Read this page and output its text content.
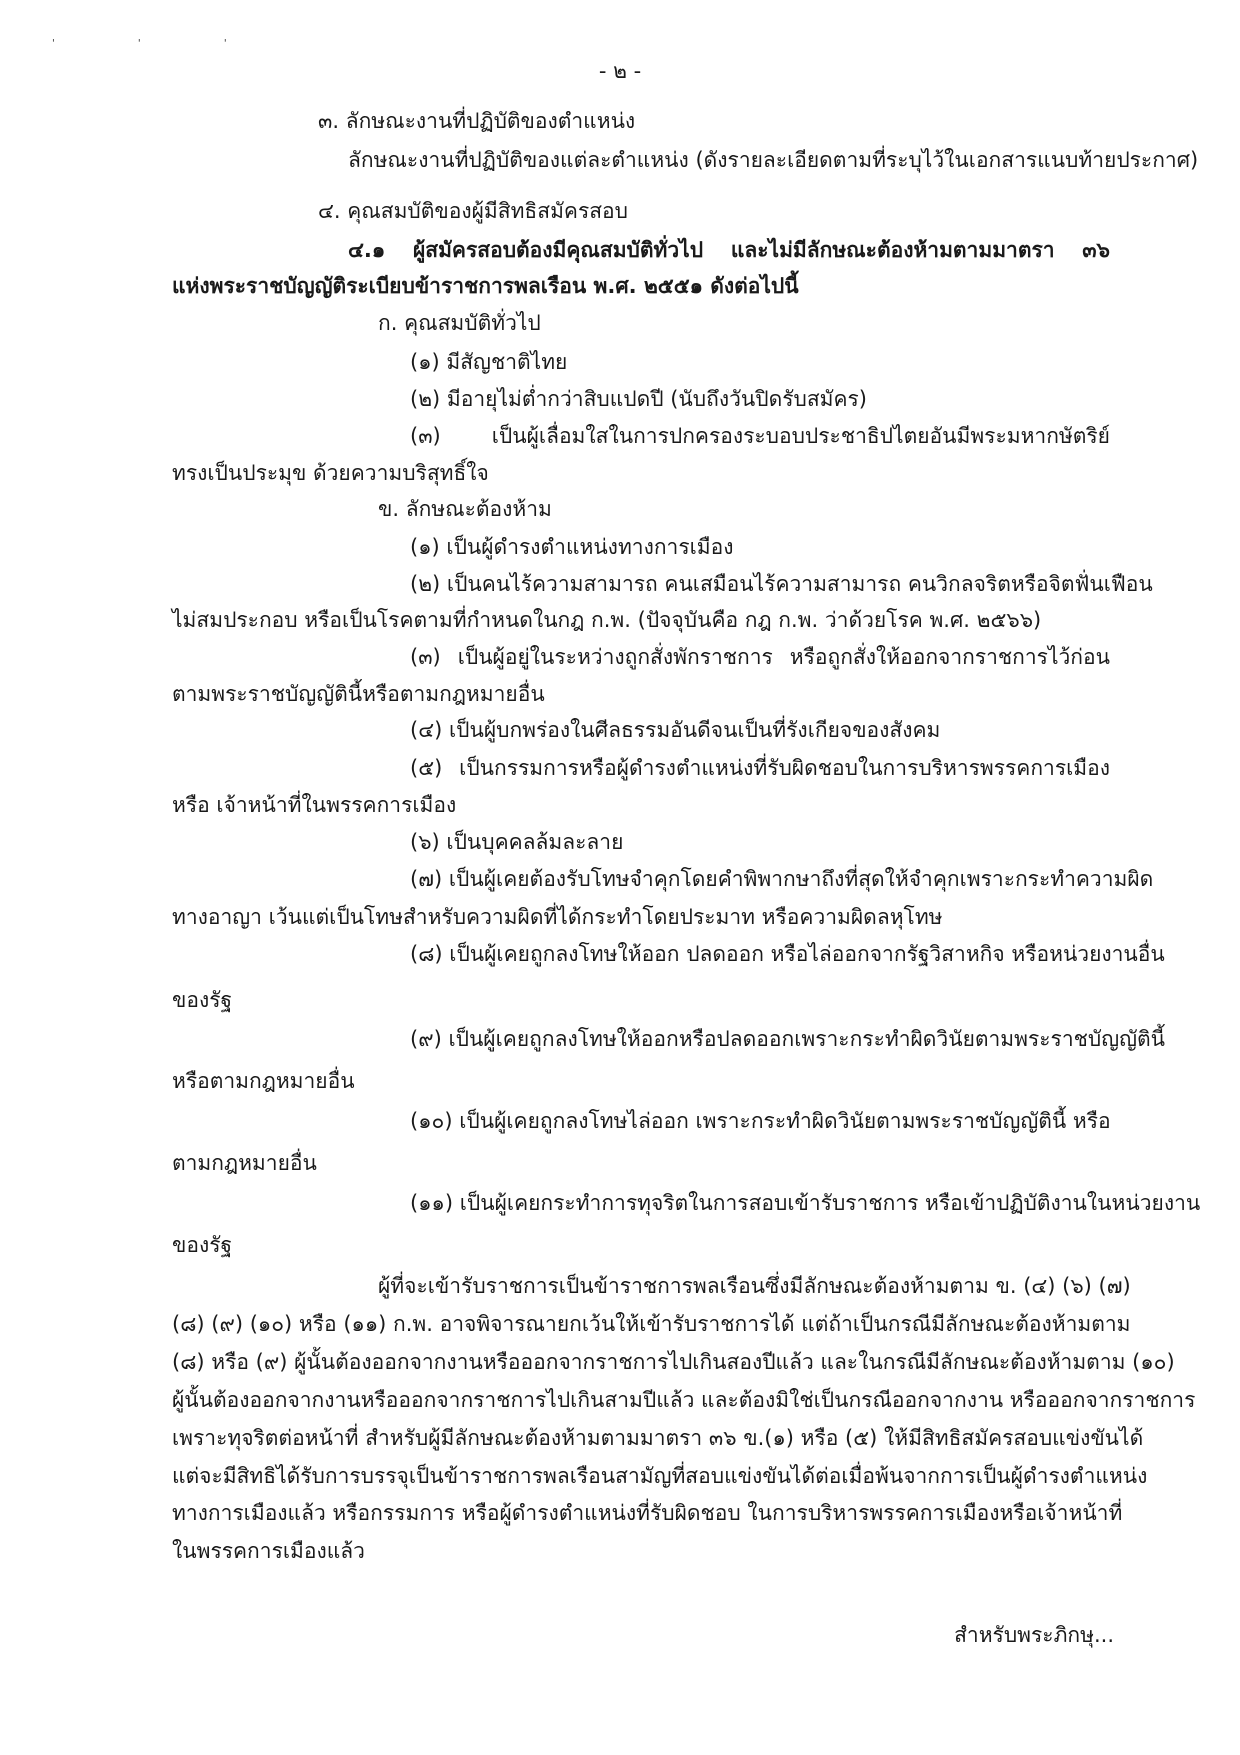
' ' '
- ๒ -
๓. ลักษณะงานที่ปฏิบัติของตำแหน่ง
ลักษณะงานที่ปฏิบัติของแต่ละตำแหน่ง (ดังรายละเอียดตามที่ระบุไว้ในเอกสารแนบท้ายประกาศ)
๔. คุณสมบัติของผู้มีสิทธิสมัครสอบ
๔.๑ ผู้สมัครสอบต้องมีคุณสมบัติทั่วไป และไม่มีลักษณะต้องห้ามตามมาตรา ๓๖
แห่งพระราชบัญญัติระเบียบข้าราชการพลเรือน พ.ศ. ๒๕๕๑ ดังต่อไปนี้
ก. คุณสมบัติทั่วไป
(๑) มีสัญชาติไทย
(๒) มีอายุไม่ต่ำกว่าสิบแปดปี (นับถึงวันปิดรับสมัคร)
(๓) เป็นผู้เลื่อมใสในการปกครองระบอบประชาธิปไตยอันมีพระมหากษัตริย์
ทรงเป็นประมุข ด้วยความบริสุทธิ์ใจ
ข. ลักษณะต้องห้าม
(๑) เป็นผู้ดำรงตำแหน่งทางการเมือง
(๒) เป็นคนไร้ความสามารถ คนเสมือนไร้ความสามารถ คนวิกลจริตหรือจิตฟั่นเฟือน
ไม่สมประกอบ หรือเป็นโรคตามที่กำหนดในกฎ ก.พ. (ปัจจุบันคือ กฎ ก.พ. ว่าด้วยโรค พ.ศ. ๒๕๖๖)
(๓) เป็นผู้อยู่ในระหว่างถูกสั่งพักราชการ หรือถูกสั่งให้ออกจากราชการไว้ก่อน
ตามพระราชบัญญัตินี้หรือตามกฎหมายอื่น
(๔) เป็นผู้บกพร่องในศีลธรรมอันดีจนเป็นที่รังเกียจของสังคม
(๕) เป็นกรรมการหรือผู้ดำรงตำแหน่งที่รับผิดชอบในการบริหารพรรคการเมือง
หรือ เจ้าหน้าที่ในพรรคการเมือง
(๖) เป็นบุคคลล้มละลาย
(๗) เป็นผู้เคยต้องรับโทษจำคุกโดยคำพิพากษาถึงที่สุดให้จำคุกเพราะกระทำความผิด
ทางอาญา เว้นแต่เป็นโทษสำหรับความผิดที่ได้กระทำโดยประมาท หรือความผิดลหุโทษ
(๘) เป็นผู้เคยถูกลงโทษให้ออก ปลดออก หรือไล่ออกจากรัฐวิสาหกิจ หรือหน่วยงานอื่น
ของรัฐ
(๙) เป็นผู้เคยถูกลงโทษให้ออกหรือปลดออกเพราะกระทำผิดวินัยตามพระราชบัญญัตินี้
หรือตามกฎหมายอื่น
(๑๐) เป็นผู้เคยถูกลงโทษไล่ออก เพราะกระทำผิดวินัยตามพระราชบัญญัตินี้ หรือ
ตามกฎหมายอื่น
(๑๑) เป็นผู้เคยกระทำการทุจริตในการสอบเข้ารับราชการ หรือเข้าปฏิบัติงานในหน่วยงาน
ของรัฐ
ผู้ที่จะเข้ารับราชการเป็นข้าราชการพลเรือนซึ่งมีลักษณะต้องห้ามตาม ข. (๔) (๖) (๗)
(๘) (๙) (๑๐) หรือ (๑๑) ก.พ. อาจพิจารณายกเว้นให้เข้ารับราชการได้ แต่ถ้าเป็นกรณีมีลักษณะต้องห้ามตาม
(๘) หรือ (๙) ผู้นั้นต้องออกจากงานหรือออกจากราชการไปเกินสองปีแล้ว และในกรณีมีลักษณะต้องห้ามตาม (๑๐)
ผู้นั้นต้องออกจากงานหรือออกจากราชการไปเกินสามปีแล้ว และต้องมิใช่เป็นกรณีออกจากงาน หรือออกจากราชการ
เพราะทุจริตต่อหน้าที่ สำหรับผู้มีลักษณะต้องห้ามตามมาตรา ๓๖ ข.(๑) หรือ (๕) ให้มีสิทธิสมัครสอบแข่งขันได้
แต่จะมีสิทธิได้รับการบรรจุเป็นข้าราชการพลเรือนสามัญที่สอบแข่งขันได้ต่อเมื่อพ้นจากการเป็นผู้ดำรงตำแหน่ง
ทางการเมืองแล้ว หรือกรรมการ หรือผู้ดำรงตำแหน่งที่รับผิดชอบ ในการบริหารพรรคการเมืองหรือเจ้าหน้าที่
ในพรรคการเมืองแล้ว
สำหรับพระภิกษุ...
